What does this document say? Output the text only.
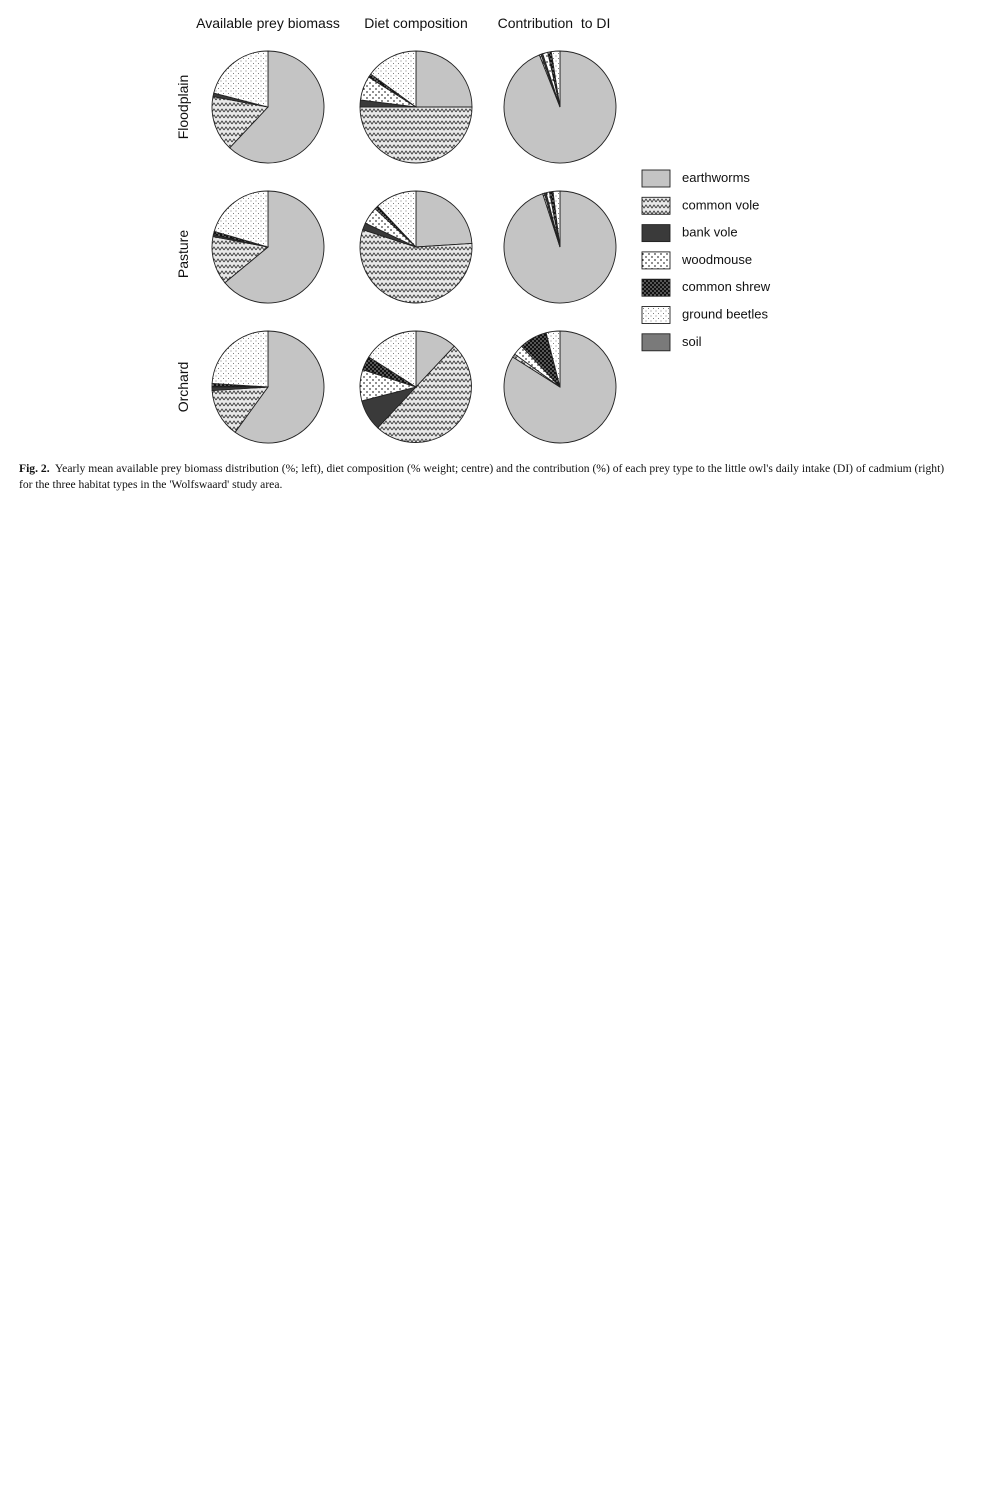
Available prey biomass Diet composition Contribution  to DI
Floodplain
Pasture
Orchard
earthworms
common vole
bank vole
woodmouse
common shrew
ground beetles
soil
Fig. 2. Yearly mean available prey biomass distribution (%; left), diet composition (% weight; centre) and the contribution (%) of each prey type to the little owl's daily intake (DI) of cadmium (right) for the three habitat types in the 'Wolfswaard' study area.
